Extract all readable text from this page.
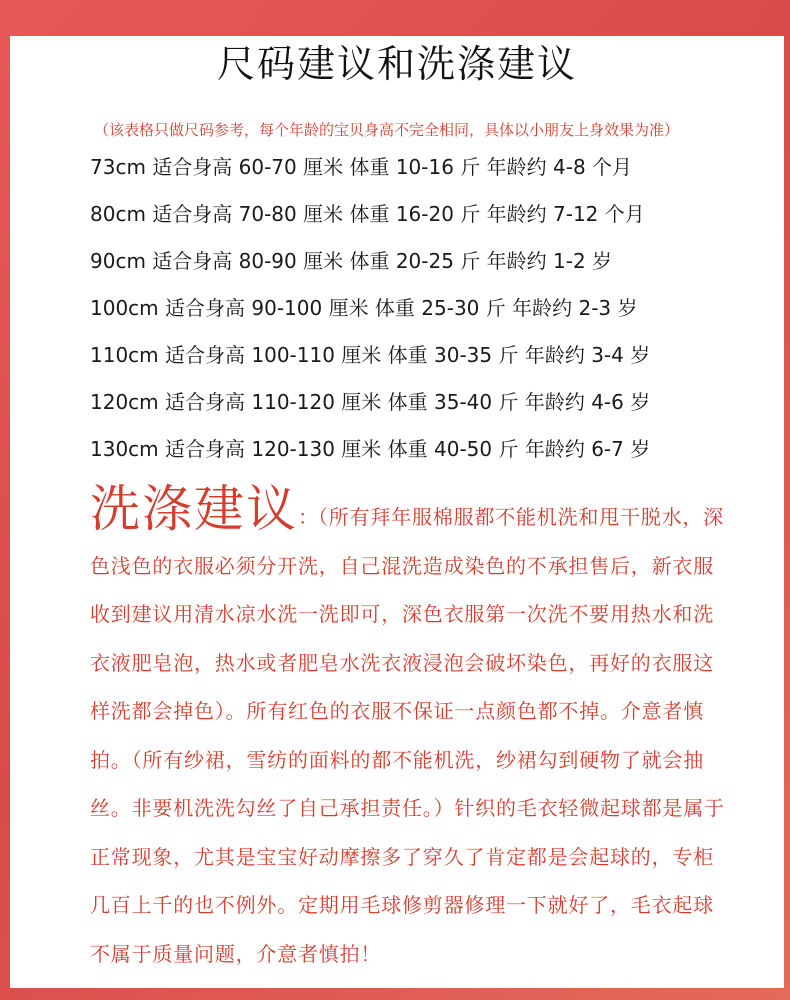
尺码建议和洗涤建议
（该表格只做尺码参考，每个年龄的宝贝身高不完全相同，具体以小朋友上身效果为准）
73cm 适合身高 60-70 厘米 体重 10-16 斤 年龄约 4-8 个月
80cm 适合身高 70-80 厘米 体重 16-20 斤 年龄约 7-12 个月
90cm 适合身高 80-90 厘米 体重 20-25 斤 年龄约 1-2 岁
100cm 适合身高 90-100 厘米 体重 25-30 斤 年龄约 2-3 岁
110cm 适合身高 100-110 厘米 体重 30-35 斤 年龄约 3-4 岁
120cm 适合身高 110-120 厘米 体重 35-40 斤 年龄约 4-6 岁
130cm 适合身高 120-130 厘米 体重 40-50 斤 年龄约 6-7 岁

洗涤建议：（所有拜年服棉服都不能机洗和甩干脱水，深色浅色的衣服必须分开洗，自己混洗造成染色的不承担售后，新衣服收到建议用清水凉水洗一洗即可，深色衣服第一次洗不要用热水和洗衣液肥皂泡，热水或者肥皂水洗衣液浸泡会破坏染色，再好的衣服这样洗都会掉色）。所有红色的衣服不保证一点颜色都不掉。介意者慎拍。（所有纱裙，雪纺的面料的都不能机洗，纱裙勾到硬物了就会抽丝。非要机洗洗勾丝了自己承担责任。）针织的毛衣轻微起球都是属于正常现象，尤其是宝宝好动摩擦多了穿久了肯定都是会起球的，专柜几百上千的也不例外。定期用毛球修剪器修理一下就好了，毛衣起球不属于质量问题，介意者慎拍！
